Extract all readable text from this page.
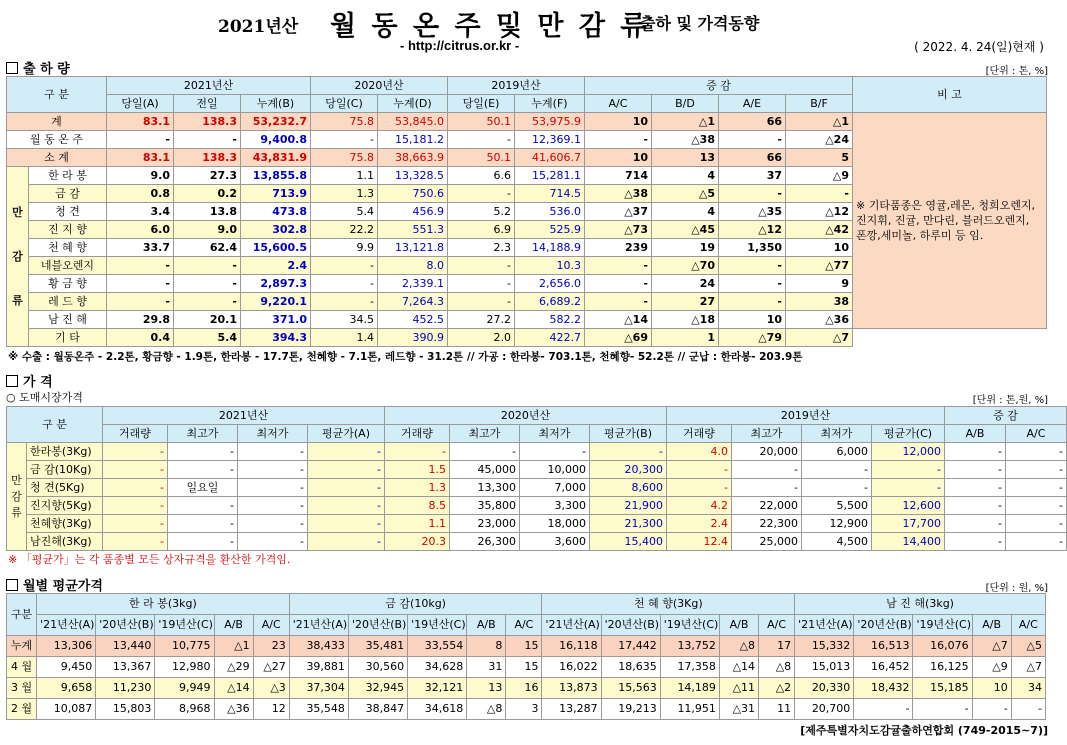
2021년산 월 동 온 주 및 만 감 류
출하 및 가격동향
- http://citrus.or.kr -	( 2022. 4. 24(일)현재 )
출 하 량	[단위 : 톤, %]
구 분		2021년산			2020년산		2019년산		증 감				비 고
		당일(A)	전일	누계(B)	당일(C)	누계(D)	당일(E)	누계(F)	A/C	B/D	A/E	B/F	
계		83.1	138.3	53,232.7	75.8	53,845.0	50.1	53,975.9	10	△1	66	△1	※ 기타품종은 영귤,레몬, 청희오렌지, 진지휘, 진귤, 만다린, 블러드오렌지, 폰깡,세미놀, 하루미 등 임.
월 동 온 주		-	-	9,400.8	-	15,181.2	-	12,369.1	-	△38	-	△24	
소 계		83.1	138.3	43,831.9	75.8	38,663.9	50.1	41,606.7	10	13	66	5	

만
감
류	한 라 봉	9.0	27.3	13,855.8	1.1	13,328.5	6.6	15,281.1	714	4	37	△9	
	금 감	0.8	0.2	713.9	1.3	750.6	-	714.5	△38	△5	-	-	
	청 견	3.4	13.8	473.8	5.4	456.9	5.2	536.0	△37	4	△35	△12	
	진 지 향	6.0	9.0	302.8	22.2	551.3	6.9	525.9	△73	△45	△12	△42	
	천 혜 향	33.7	62.4	15,600.5	9.9	13,121.8	2.3	14,188.9	239	19	1,350	10	
	네블오렌지	-	-	2.4	-	8.0	-	10.3	-	△70	-	△77	
	황 금 향	-	-	2,897.3	-	2,339.1	-	2,656.0	-	24	-	9	
	레 드 향	-	-	9,220.1	-	7,264.3	-	6,689.2	-	27	-	38	
	남 진 해	29.8	20.1	371.0	34.5	452.5	27.2	582.2	△14	△18	10	△36	
	기 타	0.4	5.4	394.3	1.4	390.9	2.0	422.7	△69	1	△79	△7	
※ 수출 : 월동온주 - 2.2톤, 황금향 - 1.9톤, 한라봉 - 17.7톤, 천혜향 - 7.1톤, 레드향 - 31.2톤 // 가공 : 한라봉- 703.1톤, 천혜향- 52.2톤 // 군납 : 한라봉- 203.9톤
가 격
○ 도매시장가격	[단위 : 톤,원, %]
구 분		2021년산				2020년산				2019년산				증 감	
		거래량	최고가	최저가	평균가(A)	거래량	최고가	최저가	평균가(B)	거래량	최고가	최저가	평균가(C)	A/B	A/C

만
감
류	한라봉(3Kg)	-	-	-	-	-	-	-	-	4.0	20,000	6,000	12,000	-	-
	금 감(10Kg)	-	-	-	-	1.5	45,000	10,000	20,300	-	-	-	-	-	-
	청 견(5Kg)	-	일요일	-	-	1.3	13,300	7,000	8,600	-	-	-	-	-	-
	진지향(5Kg)	-	-	-	-	8.5	35,800	3,300	21,900	4.2	22,000	5,500	12,600	-	-
	천혜향(3Kg)	-	-	-	-	1.1	23,000	18,000	21,300	2.4	22,300	12,900	17,700	-	-
	남진해(3Kg)	-	-	-	-	20.3	26,300	3,600	15,400	12.4	25,000	4,500	14,400	-	-
※ 「평균가」는 각 품종별 모든 상자규격을 환산한 가격임.
월별 평균가격	[단위 : 원, %]
구분	한 라 봉(3kg)					금 감(10kg)					천 혜 향(3Kg)					남 진 해(3kg)				
	'21년산(A)	'20년산(B)	'19년산(C)	A/B	A/C	'21년산(A)	'20년산(B)	'19년산(C)	A/B	A/C	'21년산(A)	'20년산(B)	'19년산(C)	A/B	A/C	'21년산(A)	'20년산(B)	'19년산(C)	A/B	A/C
누계	13,306	13,440	10,775	△1	23	38,433	35,481	33,554	8	15	16,118	17,442	13,752	△8	17	15,332	16,513	16,076	△7	△5
4 월	9,450	13,367	12,980	△29	△27	39,881	30,560	34,628	31	15	16,022	18,635	17,358	△14	△8	15,013	16,452	16,125	△9	△7
3 월	9,658	11,230	9,949	△14	△3	37,304	32,945	32,121	13	16	13,873	15,563	14,189	△11	△2	20,330	18,432	15,185	10	34
2 월	10,087	15,803	8,968	△36	12	35,548	38,847	34,618	△8	3	13,287	19,213	11,951	△31	11	20,700	-	-	-	-
[제주특별자치도감귤출하연합회 (749-2015~7)]
